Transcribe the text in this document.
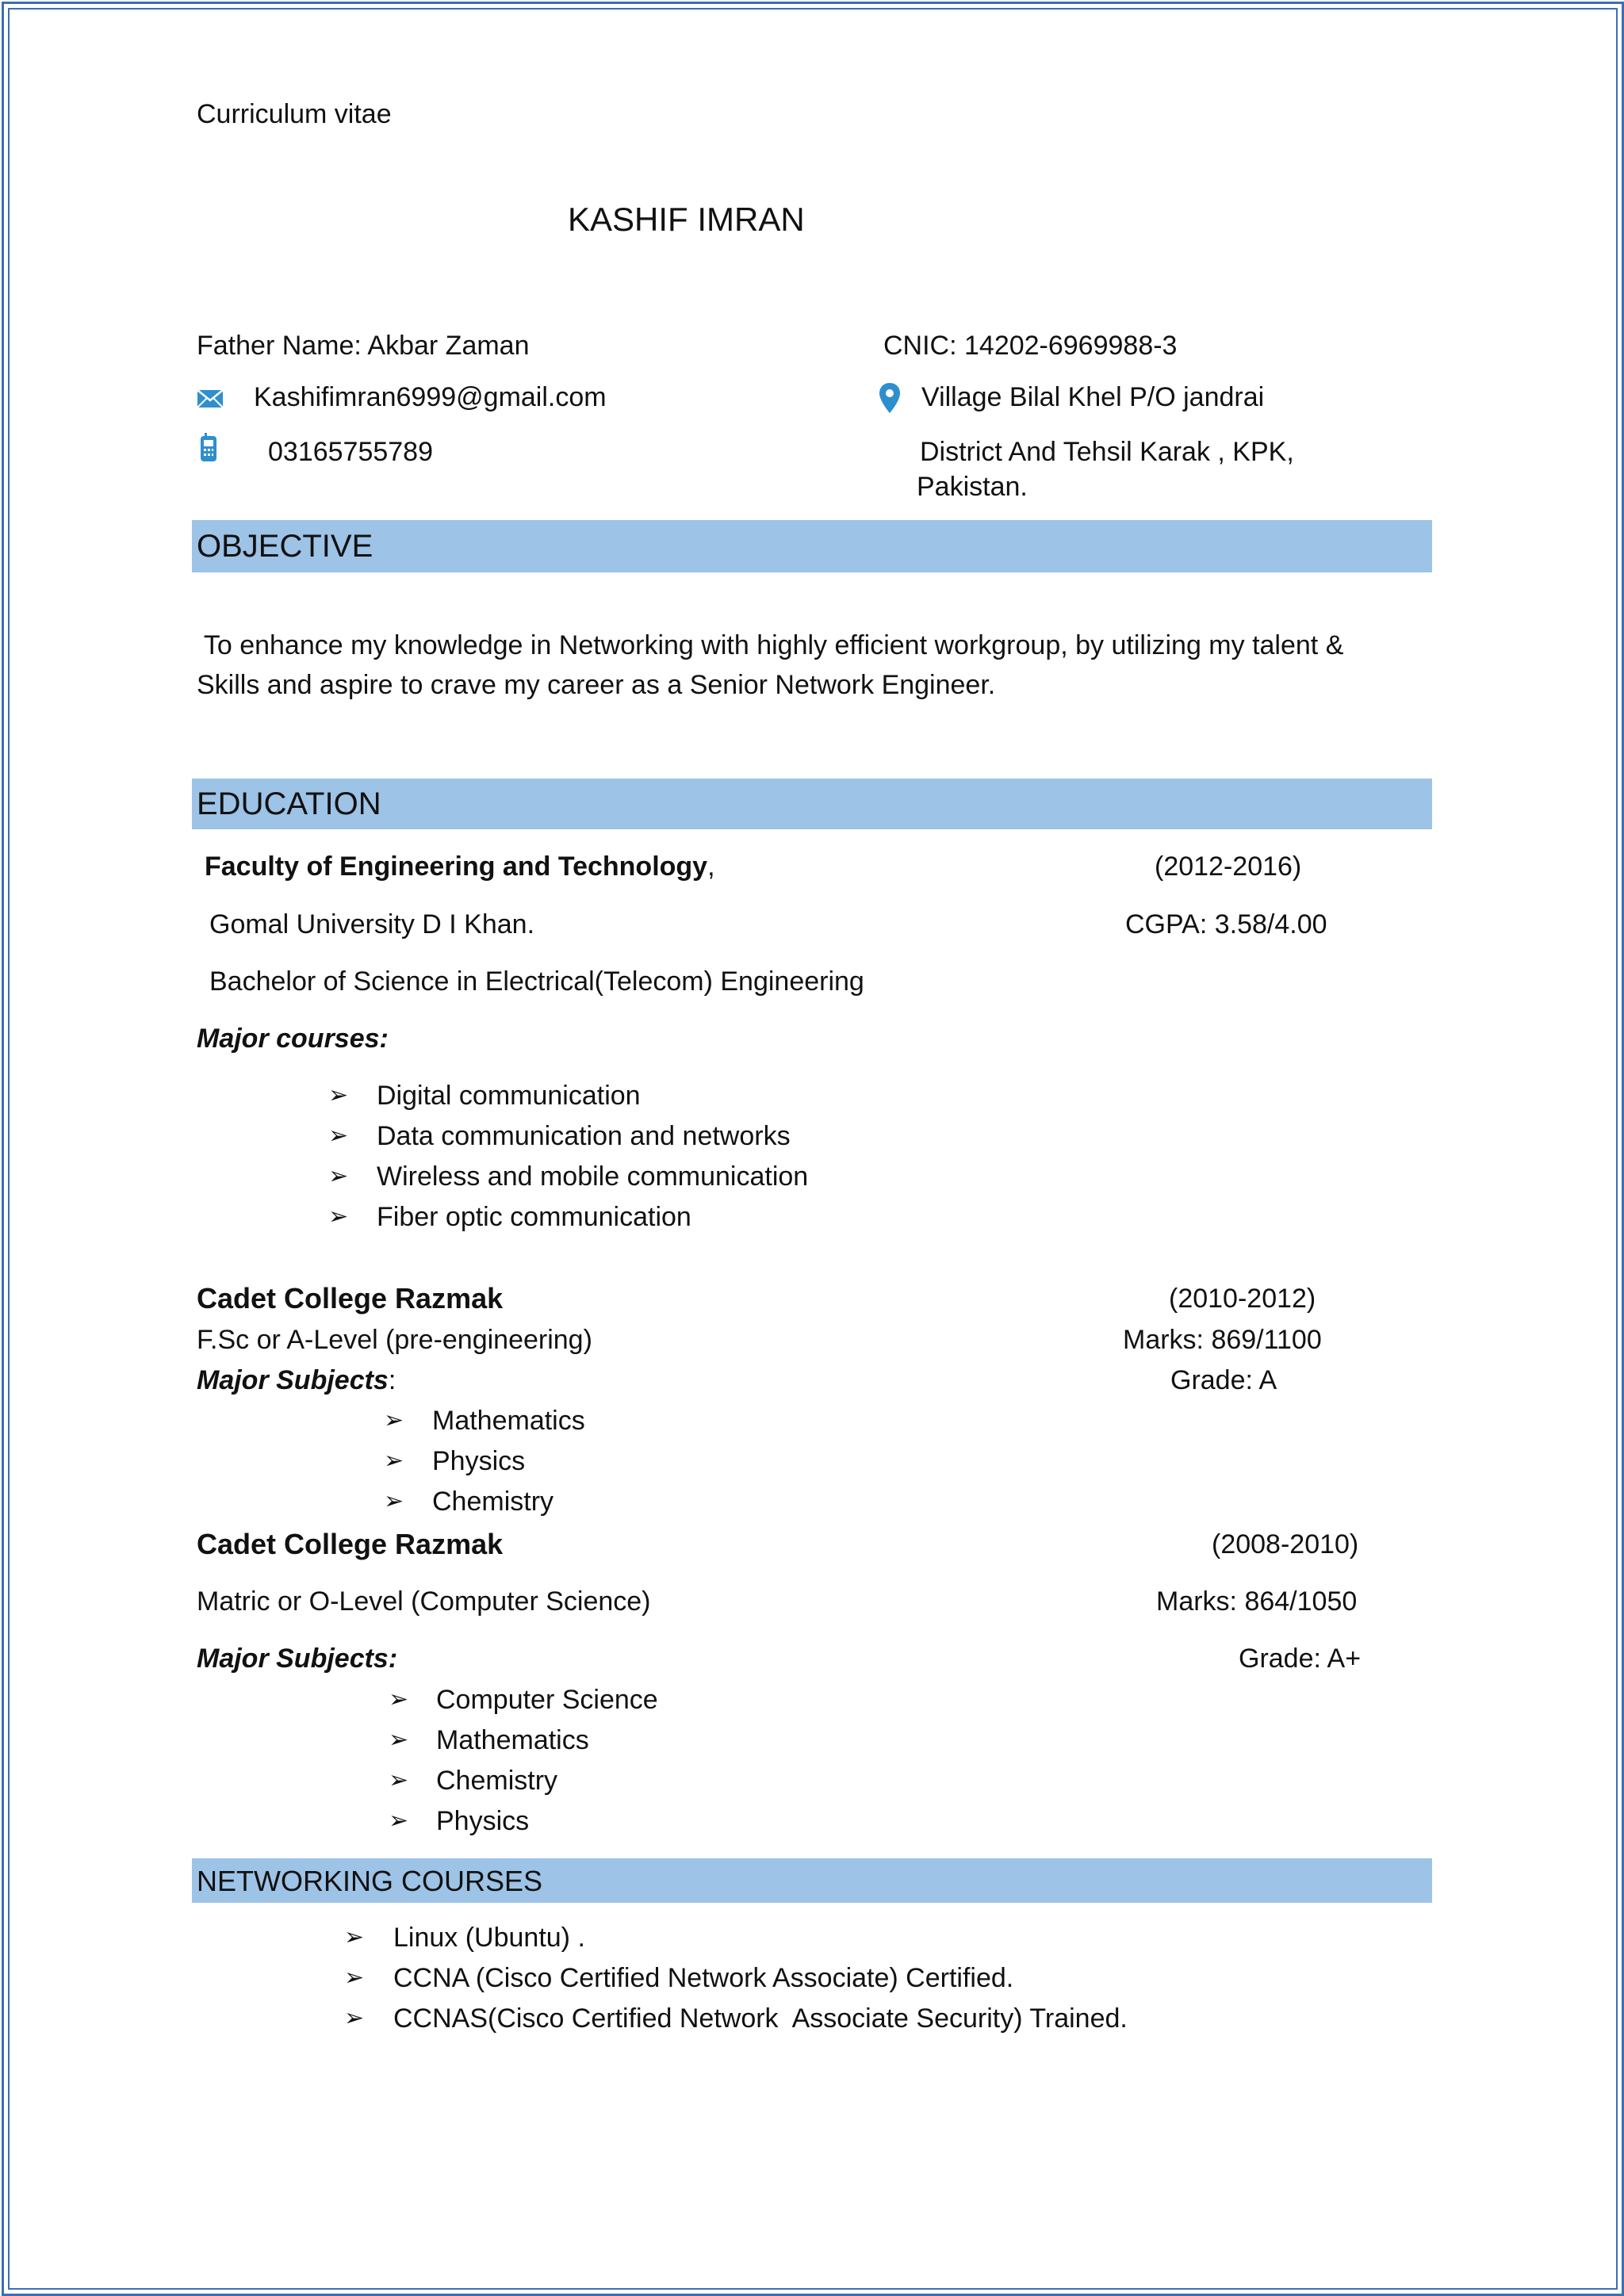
Curriculum vitae
KASHIF IMRAN
Father Name: Akbar Zaman	CNIC: 14202-6969988-3
Kashifimran6999@gmail.com	Village Bilal Khel P/O jandrai
03165755789	District And Tehsil Karak , KPK,
Pakistan.
OBJECTIVE
To enhance my knowledge in Networking with highly efficient workgroup, by utilizing my talent &
Skills and aspire to crave my career as a Senior Network Engineer.
EDUCATION
Faculty of Engineering and Technology,	(2012-2016)
Gomal University D I Khan.	CGPA: 3.58/4.00
Bachelor of Science in Electrical(Telecom) Engineering
Major courses:
➢ Digital communication
➢ Data communication and networks
➢ Wireless and mobile communication
➢ Fiber optic communication
Cadet College Razmak	(2010-2012)
F.Sc or A-Level (pre-engineering)	Marks: 869/1100
Major Subjects:	Grade: A
➢ Mathematics
➢ Physics
➢ Chemistry
Cadet College Razmak	(2008-2010)
Matric or O-Level (Computer Science)	Marks: 864/1050
Major Subjects:	Grade: A+
➢ Computer Science
➢ Mathematics
➢ Chemistry
➢ Physics
NETWORKING COURSES
➢ Linux (Ubuntu) .
➢ CCNA (Cisco Certified Network Associate) Certified.
➢ CCNAS(Cisco Certified Network  Associate Security) Trained.
